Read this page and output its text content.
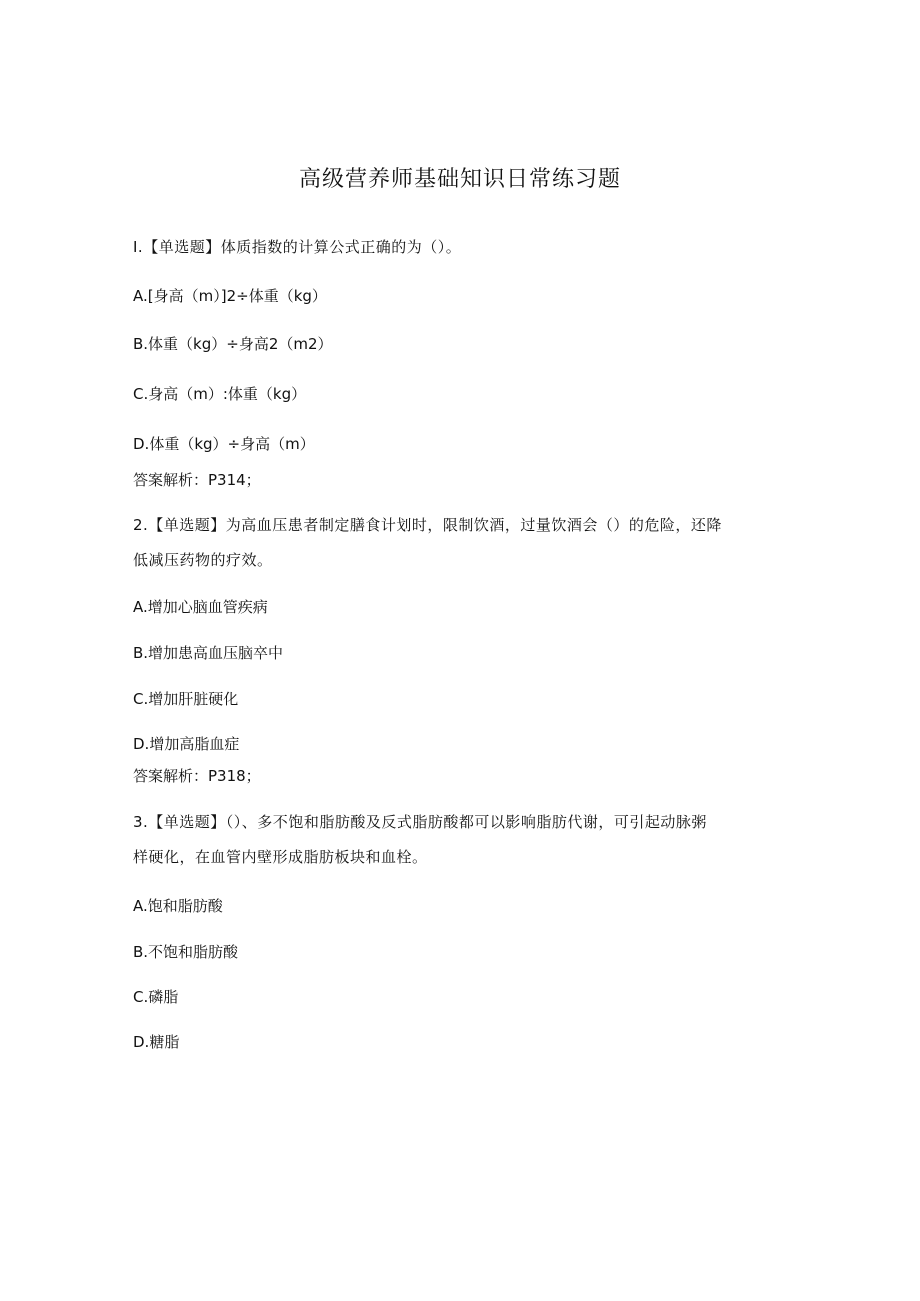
高级营养师基础知识日常练习题
I.【单选题】体质指数的计算公式正确的为（）。
A.[身高（m）]2÷体重（kg）
B.体重（kg）÷身高2（m2）
C.身高（m）:体重（kg）
D.体重（kg）÷身高（m）
答案解析：P314；
2.【单选题】为高血压患者制定膳食计划时，限制饮酒，过量饮酒会（）的危险，还降
低减压药物的疗效。
A.增加心脑血管疾病
B.增加患高血压脑卒中
C.增加肝脏硬化
D.增加高脂血症
答案解析：P318；
3.【单选题】（）、多不饱和脂肪酸及反式脂肪酸都可以影响脂肪代谢，可引起动脉粥
样硬化，在血管内壁形成脂肪板块和血栓。
A.饱和脂肪酸
B.不饱和脂肪酸
C.磷脂
D.糖脂
